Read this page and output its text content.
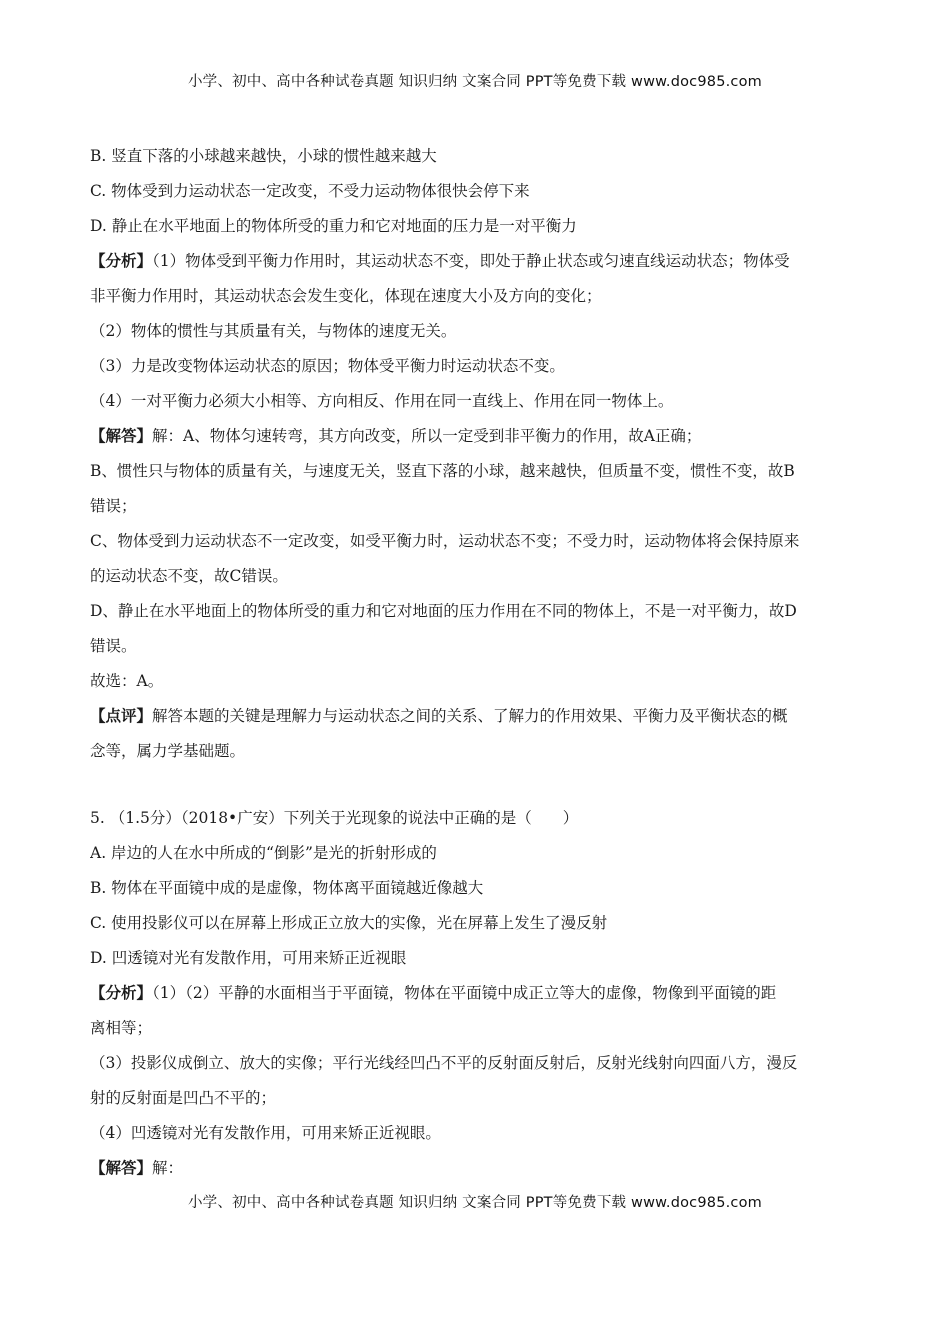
小学、初中、高中各种试卷真题 知识归纳 文案合同 PPT等免费下载 www.doc985.com
B. 竖直下落的小球越来越快，小球的惯性越来越大
C. 物体受到力运动状态一定改变，不受力运动物体很快会停下来
D. 静止在水平地面上的物体所受的重力和它对地面的压力是一对平衡力
【分析】（1）物体受到平衡力作用时，其运动状态不变，即处于静止状态或匀速直线运动状态；物体受
非平衡力作用时，其运动状态会发生变化，体现在速度大小及方向的变化；
（2）物体的惯性与其质量有关，与物体的速度无关。
（3）力是改变物体运动状态的原因；物体受平衡力时运动状态不变。
（4）一对平衡力必须大小相等、方向相反、作用在同一直线上、作用在同一物体上。
【解答】解：A、物体匀速转弯，其方向改变，所以一定受到非平衡力的作用，故A正确；
B、惯性只与物体的质量有关，与速度无关，竖直下落的小球，越来越快，但质量不变，惯性不变，故B
错误；
C、物体受到力运动状态不一定改变，如受平衡力时，运动状态不变；不受力时，运动物体将会保持原来
的运动状态不变，故C错误。
D、静止在水平地面上的物体所受的重力和它对地面的压力作用在不同的物体上，不是一对平衡力，故D
错误。
故选：A。
【点评】解答本题的关键是理解力与运动状态之间的关系、了解力的作用效果、平衡力及平衡状态的概
念等，属力学基础题。
5. （1.5分）（2018•广安）下列关于光现象的说法中正确的是（　　）
A. 岸边的人在水中所成的“倒影”是光的折射形成的
B. 物体在平面镜中成的是虚像，物体离平面镜越近像越大
C. 使用投影仪可以在屏幕上形成正立放大的实像，光在屏幕上发生了漫反射
D. 凹透镜对光有发散作用，可用来矫正近视眼
【分析】（1）（2）平静的水面相当于平面镜，物体在平面镜中成正立等大的虚像，物像到平面镜的距
离相等；
（3）投影仪成倒立、放大的实像；平行光线经凹凸不平的反射面反射后，反射光线射向四面八方，漫反
射的反射面是凹凸不平的；
（4）凹透镜对光有发散作用，可用来矫正近视眼。
【解答】解：
小学、初中、高中各种试卷真题 知识归纳 文案合同 PPT等免费下载 www.doc985.com
